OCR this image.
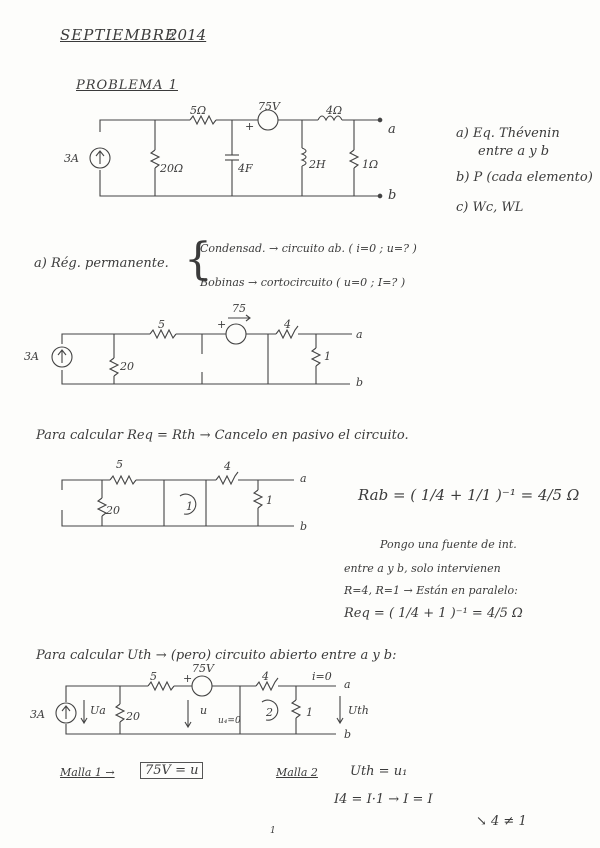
SEPTIEMBRE
2014
PROBLEMA 1
3A
20Ω
5Ω	75V
+
4F
4Ω
2H	1Ω
a
b
a) Eq. Thévenin
entre a y b
b) P (cada elemento)
c) Wc, WL
a) Rég. permanente. {
Condensad. → circuito ab. ( i=0 ; u=? )
Bobinas → cortocircuito ( u=0 ; I=? )
3A
20
5
75
+	4
1
a
b
Para calcular Req = Rth → Cancelo en pasivo el circuito.
5
20	1
4
1
a
b
Rab = ( 1/4 + 1/1 )⁻¹ = 4/5 Ω
Pongo una fuente de int.
entre a y b, solo intervienen
R=4, R=1 → Están en paralelo:
Req = ( 1/4 + 1 )⁻¹ = 4/5 Ω
Para calcular Uth → (pero) circuito abierto entre a y b:
3A	Ua 20
5
75V
+
u
u₄=0
4	i=0
2	1	Uth
a
b
Malla 1 →	75V = u	Malla 2 Uth = u₁
I4 = I·1 → I = I
↘ 4 ≠ 1
1
